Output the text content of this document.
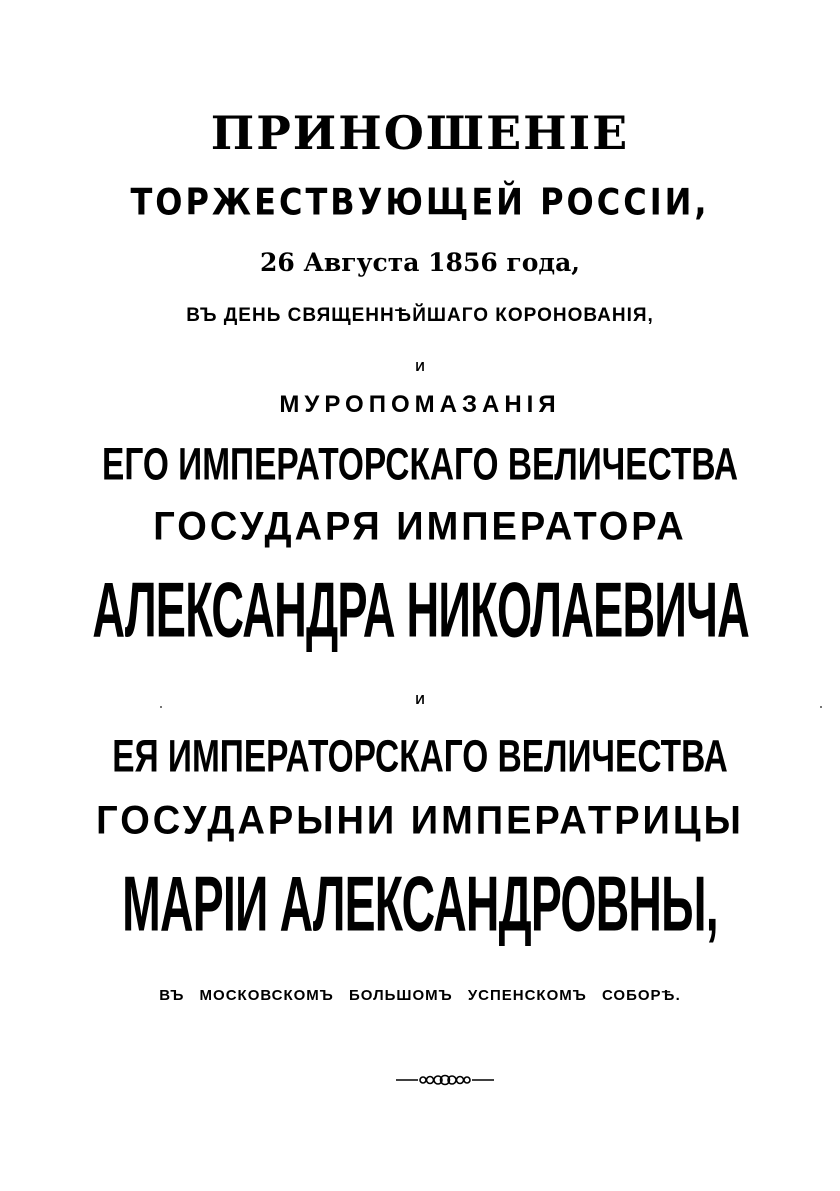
ПРИНОШЕНІЕ
ТОРЖЕСТВУЮЩЕЙ РОССІИ,
26 Августа 1856 года,
ВЪ ДЕНЬ СВЯЩЕННѢЙШАГО КОРОНОВАНІЯ,
И
МУРОПОМАЗАНІЯ
ЕГО ИМПЕРАТОРСКАГО ВЕЛИЧЕСТВА
ГОСУДАРЯ ИМПЕРАТОРА
АЛЕКСАНДРА НИКОЛАЕВИЧА
И
ЕЯ ИМПЕРАТОРСКАГО ВЕЛИЧЕСТВА
ГОСУДАРЫНИ ИМПЕРАТРИЦЫ
МАРІИ АЛЕКСАНДРОВНЫ,
ВЪ МОСКОВСКОМЪ БОЛЬШОМЪ УСПЕНСКОМЪ СОБОРѢ.
